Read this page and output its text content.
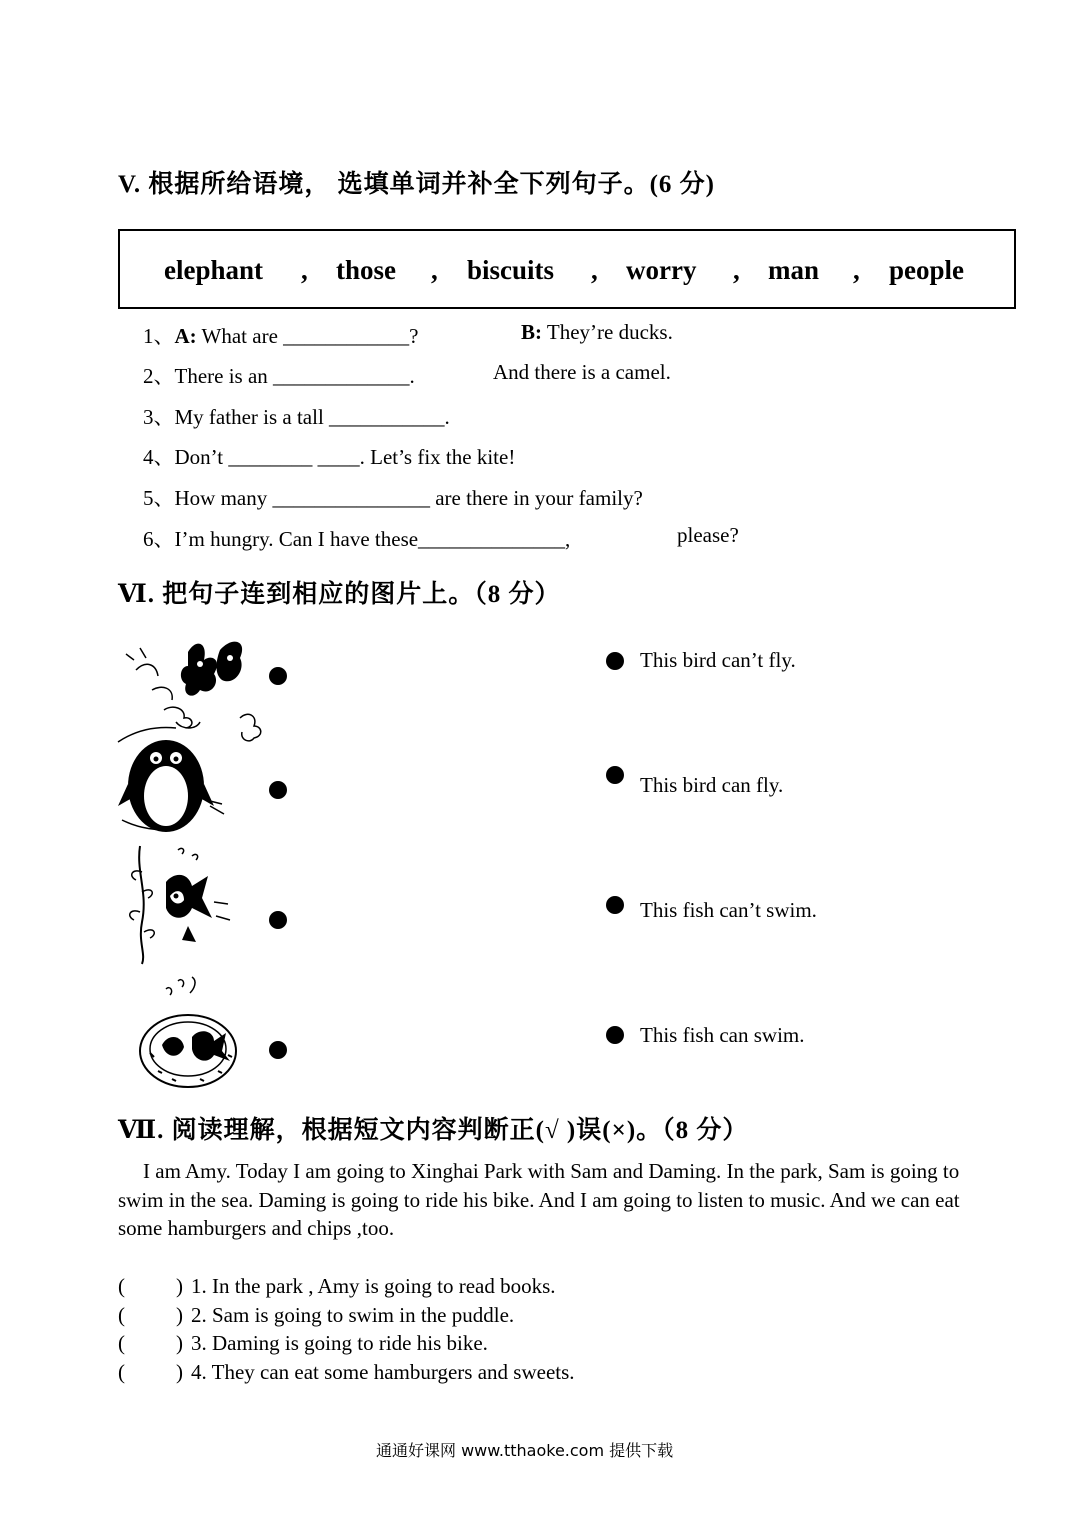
V. 根据所给语境， 选填单词并补全下列句子。(6 分)
elephant , those , biscuits , worry , man , people
1、A: What are ____________?	B: They’re ducks.
2、There is an _____________.	And there is a camel.
3、My father is a tall ___________.
4、Don’t ________ ____. Let’s fix the kite!
5、How many _______________ are there in your family?
6、I’m hungry. Can I have these______________,	please?
Ⅵ. 把句子连到相应的图片上。（8 分）
This bird can’t fly.
This bird can fly.
This fish can’t swim.
This fish can swim.
Ⅶ. 阅读理解，根据短文内容判断正(√ )误(×)。（8 分）
I am Amy. Today I am going to Xinghai Park with Sam and Daming. In the park, Sam is going to swim in the sea. Daming is going to ride his bike. And I am going to listen to music. And we can eat some hamburgers and chips ,too.
( ) 1. In the park , Amy is going to read books.
( ) 2. Sam is going to swim in the puddle.
( ) 3. Daming is going to ride his bike.
( ) 4. They can eat some hamburgers and sweets.
通通好课网 www.tthaoke.com 提供下载
